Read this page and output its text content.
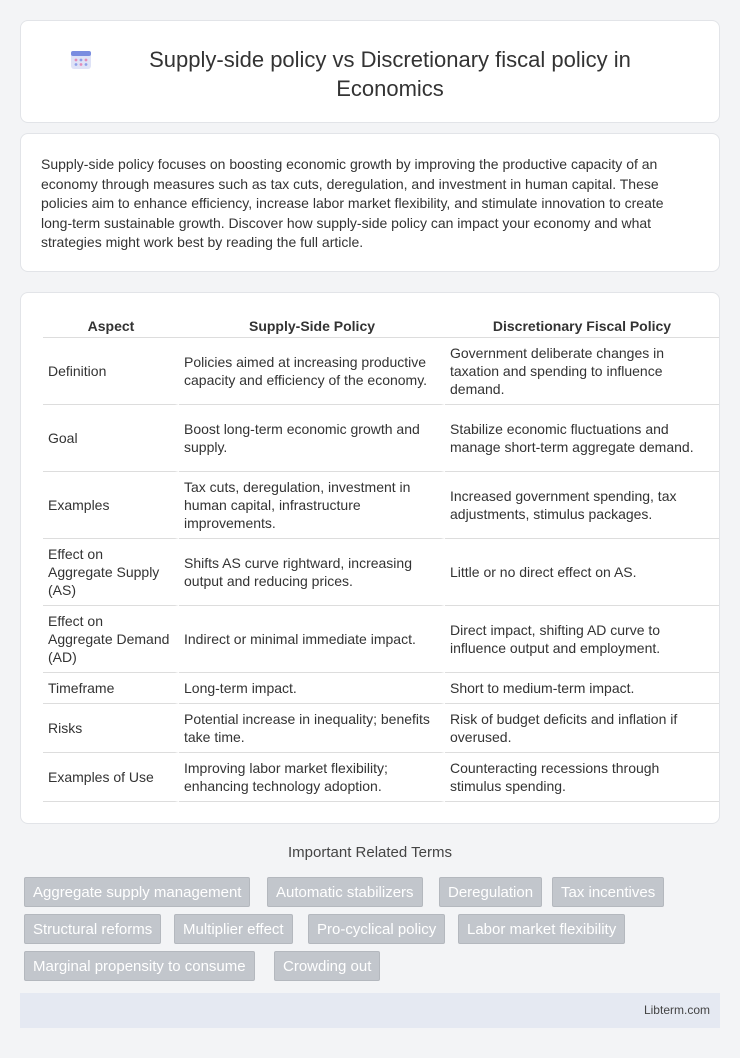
Supply-side policy vs Discretionary fiscal policy in Economics

Supply-side policy focuses on boosting economic growth by improving the productive capacity of an economy through measures such as tax cuts, deregulation, and investment in human capital. These policies aim to enhance efficiency, increase labor market flexibility, and stimulate innovation to create long-term sustainable growth. Discover how supply-side policy can impact your economy and what strategies might work best by reading the full article.

Aspect	Supply-Side Policy	Discretionary Fiscal Policy
Definition	Policies aimed at increasing productive capacity and efficiency of the economy.	Government deliberate changes in taxation and spending to influence demand.
Goal	Boost long-term economic growth and supply.	Stabilize economic fluctuations and manage short-term aggregate demand.
Examples	Tax cuts, deregulation, investment in human capital, infrastructure improvements.	Increased government spending, tax adjustments, stimulus packages.
Effect on Aggregate Supply (AS)	Shifts AS curve rightward, increasing output and reducing prices.	Little or no direct effect on AS.
Effect on Aggregate Demand (AD)	Indirect or minimal immediate impact.	Direct impact, shifting AD curve to influence output and employment.
Timeframe	Long-term impact.	Short to medium-term impact.
Risks	Potential increase in inequality; benefits take time.	Risk of budget deficits and inflation if overused.
Examples of Use	Improving labor market flexibility; enhancing technology adoption.	Counteracting recessions through stimulus spending.
Important Related Terms
Aggregate supply management	Automatic stabilizers	Deregulation	Tax incentives
Structural reforms	Multiplier effect	Pro-cyclical policy	Labor market flexibility
Marginal propensity to consume	Crowding out
Libterm.com
